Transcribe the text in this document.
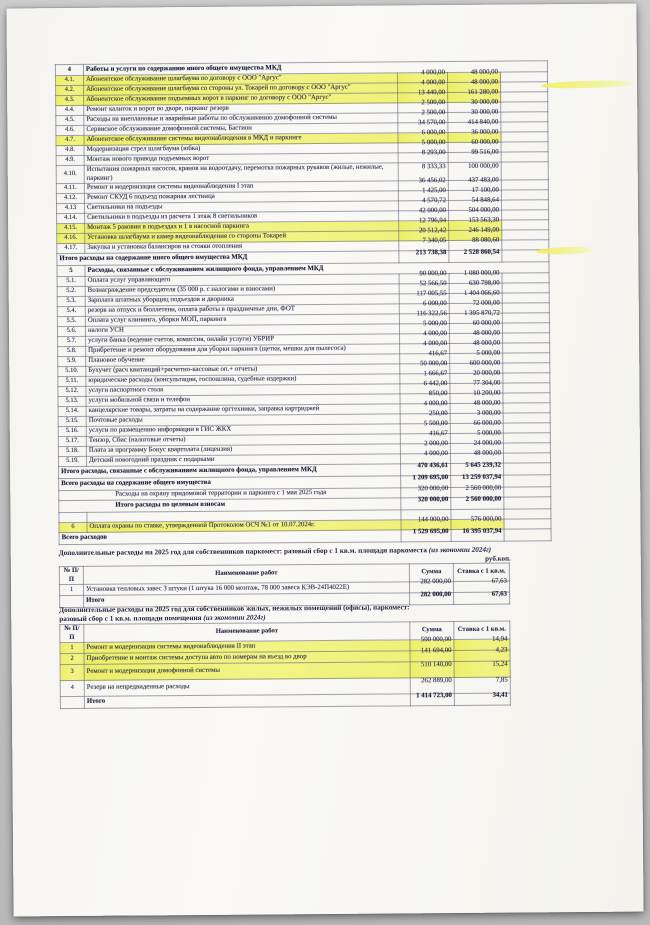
4	Работы и услуги по содержанию иного общего имущества МКД			
4.1.	Абонентское обслуживание шлагбаума по договору с ООО "Аргус"	4 000,00	48 000,00	
4.2.	Абонентское обслуживание шлагбаума со стороны ул. Токарей по договору с ООО "Аргус"	4 000,00	48 000,00	
4.3.	Абонентское обслуживание подъемных ворот в паркинг по договору с ООО "Аргус"	13 440,00	161 280,00	
4.4.	Ремонт калиток и ворот во дворе, паркинг резерв	2 500,00	30 000,00	
4.5.	Расходы на внеплановые и аварийные работы по обслуживанию домофонной системы	2 500,00	30 000,00	
4.6.	Сервисное обслуживание домофонной системы, Бастион	34 570,00	414 840,00	
4.7.	Абонентское обслуживание системы видеонаблюдения в МКД и паркинге	6 000,00	36 000,00	
4.8.	Модернизация стрел шлагбаума (юбка)	5 000,00	60 000,00	
4.9.	Монтаж нового привода подъемных ворот	8 293,00	99 516,00	
4.10.	Испытания пожарных насосов, кранов на водоотдачу, перемотка пожарных рукавов (жилые, нежилые, паркинг)	8 333,33	100 000,00	
4.11.	Ремонт и модернизация системы видеонаблюдения I этап	36 456,02	437 483,00	
4.12.	Ремонт СКУД 6 подъезд пожарная лестница	1 425,00	17 100,00	
4.13	Светильники на подъезды	4 570,72	54 848,64	
4.14.	Светильники в подъезды из расчета 1 этаж 8 светильников	42 000,00	504 000,00	
4.15.	Монтаж 5 раковин в подъездах и 1 в насосной паркинга	12 796,94	153 563,30	
4.16.	Установка шлагбаума и камер видеонаблюдения со стороны Токарей	20 512,42	246 149,00	
4.17.	Закупка и установка балансиров на стояки отопления	7 340,05	88 080,60	
Итого расходы на содержание иного общего имущества МКД		213 738,38	2 528 860,54	
5	Расходы, связанные с обслуживанием жилищного фонда, управлением МКД			
5.1.	Оплата услуг управляющего	90 000,00	1 080 000,00	
5.2.	Вознаграждение председателя (35 000 р. с налогами и взносами)	52 566,50	630 798,00	
5.3.	Зарплата штатных уборщиц подъездов и дворника	117 005,55	1 404 066,60	
5.4.	резерв на отпуск и бюллетени, оплата работы в праздничные дни, ФОТ	6 000,00	72 000,00	
5.5.	Оплата услуг клининга, уборки МОП, паркинга	116 322,56	1 395 870,72	
5.6.	налоги УСН	5 000,00	60 000,00	
5.7.	услуги банка (ведение счетов, комиссия, онлайн услуги) УБРИР	4 000,00	48 000,00	
5.8.	Прибретение и ремонт оборудования для уборки паркинга (щетки, мешки для пылесоса)	4 000,00	48 000,00	
5.9.	Плановое обучение	416,67	5 000,00	
5.10.	Бухучет (расч квитанций+расчетно-кассовые оп.+ отчеты)	50 000,00	600 000,00	
5.11.	юридические расходы (консультации, госпошлина, судебные издержки)	1 666,67	20 000,00	
5.12.	услуги паспортного стола	6 442,00	77 304,00	
5.13.	услуги мобильной связи и телефон	850,00	10 200,00	
5.14.	канцелярские товары, затраты на содержание оргтехники, заправка картриджей	4 000,00	48 000,00	
5.15.	Почтовые расходы	250,00	3 000,00	
5.16.	услуги по размещению информации в ГИС ЖКХ	5 500,00	66 000,00	
5.17.	Тензор, Сбис (налоговые отчеты)	416,67	5 000,00	
5.18.	Плата за программу Бонус квартплата (лицензия)	2 000,00	24 000,00	
5.19.	Детский новогодний праздник с подарками	4 000,00	48 000,00	
Итого расходы, связанные с обслуживанием жилищного фонда, управлением МКД		470 436,61	5 645 239,32	
Всего расходы на содержание общего имущества		1 209 695,00	13 259 037,94	
Расходы на охрану придомовой территории и паркинга с 1 мая 2025 года		320 000,00	2 560 000,00	
Итого расходы по целевым взносам		320 000,00	2 560 000,00	

6	Оплата охраны по ставке, утвержденной Протоколом ОСЧ №1 от 10.07.2024г.	144 000,00	576 000,00	
Всего расходов		1 529 695,00	16 395 037,94	
Дополнительные расходы на 2025 год для собственников паркомест: разовый сбор с 1 кв.м. площади паркоместа (из экономии 2024г)
руб.коп.
№ П/П	Наименование работ	Сумма	Ставка с 1 кв.м.
1	Установка тепловых завес 3 штуки (1 штука 16 000 монтаж, 78 000 завеса КЭВ-24П4022Е)	282 000,00	67,63
	Итого	282 000,00	67,63
Дополнительные расходы на 2025 год для собственников жилых, нежилых помещений (офисы), паркомест:
разовый сбор с 1 кв.м. площади помещения (из экономии 2024г)
№ П/П	Наименование работ	Сумма	Ставка с 1 кв.м.
1	Ремонт и модернизация системы видеонаблюдения II этап	500 000,00	14,94
2	Приобретение и монтаж системы доступа авто по номерам на въезд во двор	141 694,00	4,23
3	Ремонт и модернизация домофонной системы	510 140,00	15,24
4	Резерв на непредвиденные расходы	262 889,00	7,85
	Итого	1 414 723,00	34,41
